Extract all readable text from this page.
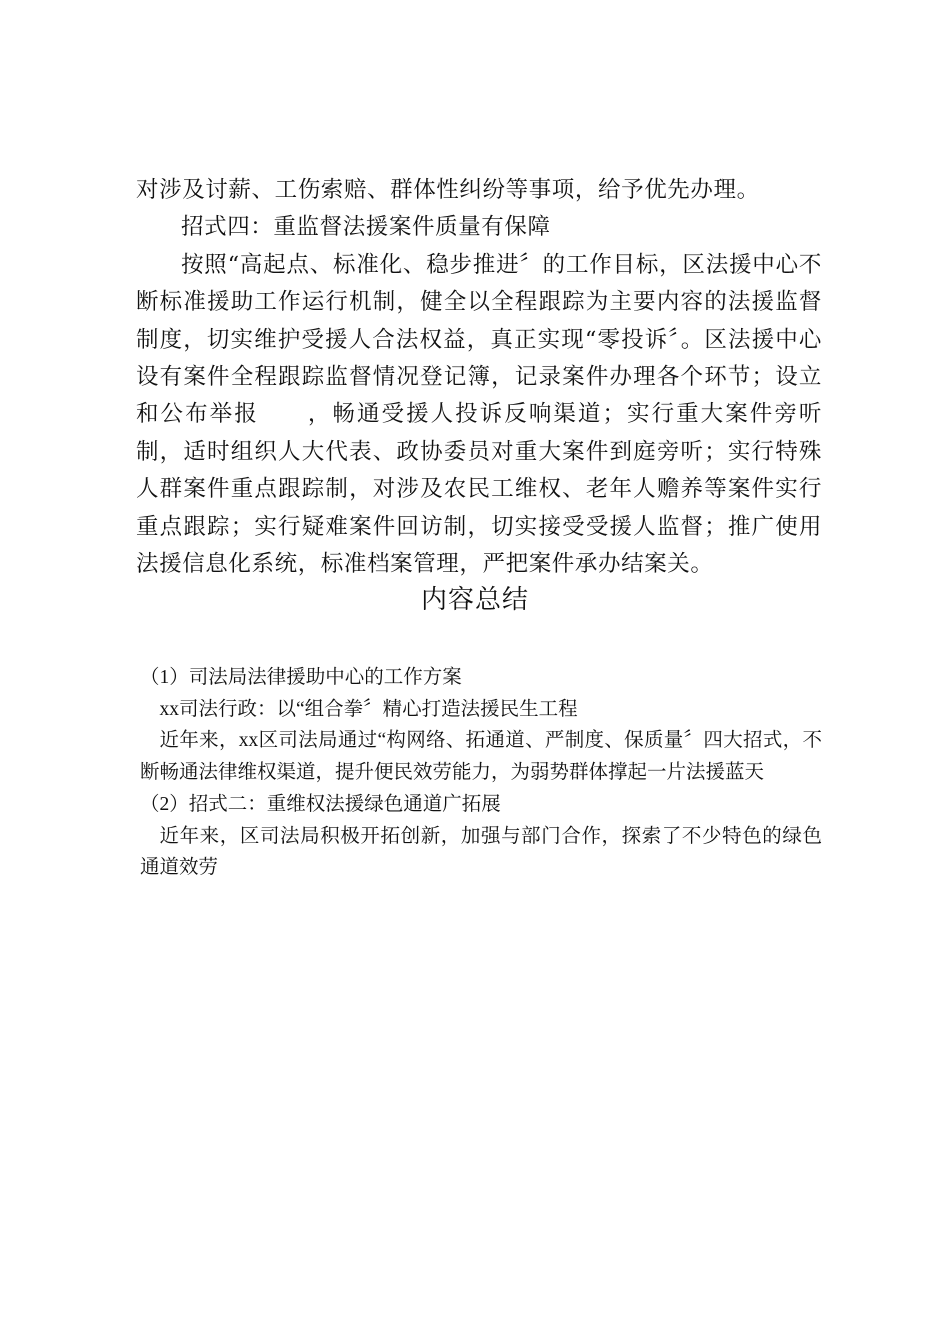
对涉及讨薪、工伤索赔、群体性纠纷等事项，给予优先办理。

招式四：重监督法援案件质量有保障

按照“高起点、标准化、稳步推进〞的工作目标，区法援中心不断标准援助工作运行机制，健全以全程跟踪为主要内容的法援监督制度，切实维护受援人合法权益，真正实现“零投诉〞。区法援中心设有案件全程跟踪监督情况登记簿，记录案件办理各个环节；设立和公布举报　　，畅通受援人投诉反响渠道；实行重大案件旁听制，适时组织人大代表、政协委员对重大案件到庭旁听；实行特殊人群案件重点跟踪制，对涉及农民工维权、老年人赡养等案件实行重点跟踪；实行疑难案件回访制，切实接受受援人监督；推广使用法援信息化系统，标准档案管理，严把案件承办结案关。

内容总结

（1）司法局法律援助中心的工作方案

xx司法行政：以“组合拳〞精心打造法援民生工程

近年来，xx区司法局通过“构网络、拓通道、严制度、保质量〞四大招式，不断畅通法律维权渠道，提升便民效劳能力，为弱势群体撑起一片法援蓝天

（2）招式二：重维权法援绿色通道广拓展

近年来，区司法局积极开拓创新，加强与部门合作，探索了不少特色的绿色通道效劳
